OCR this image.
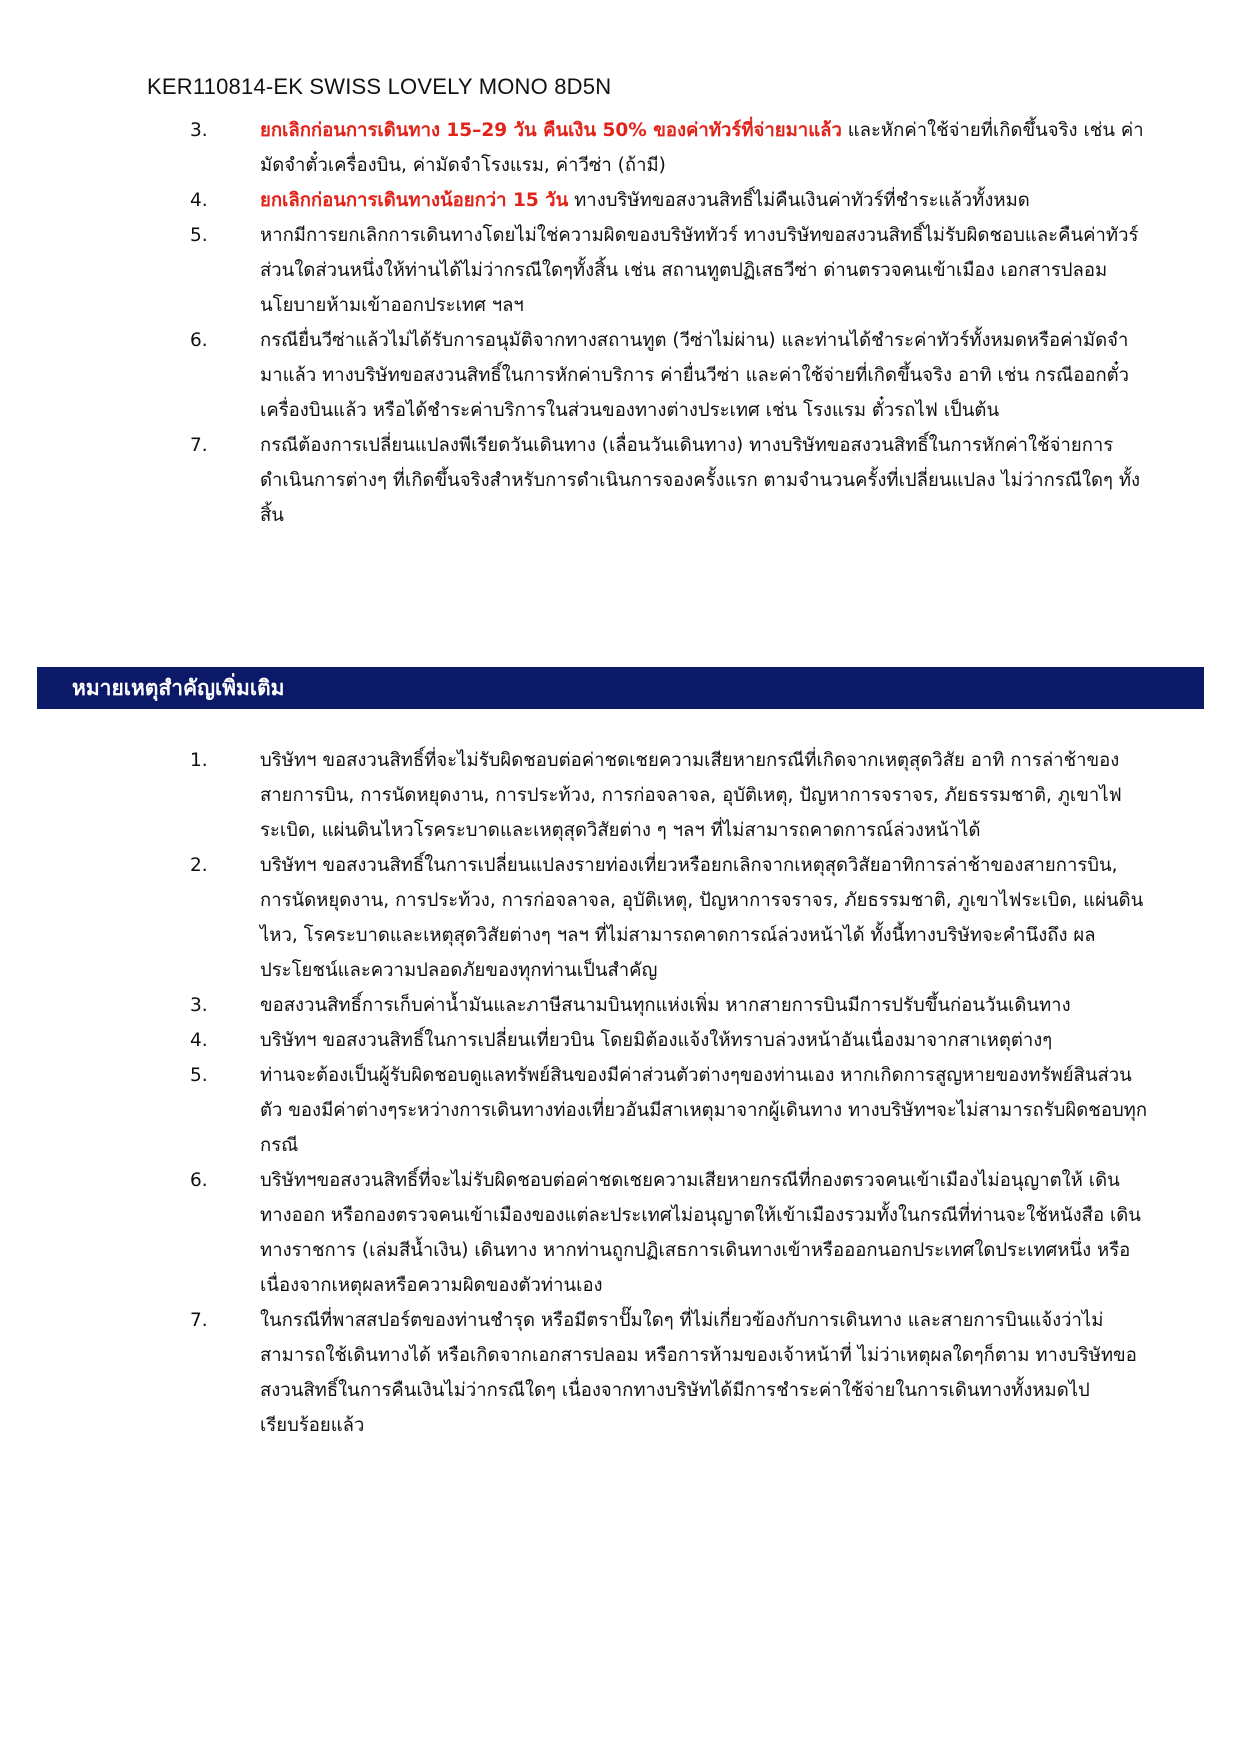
KER110814-EK SWISS LOVELY MONO 8D5N
3.	ยกเลิกก่อนการเดินทาง 15–29 วัน คืนเงิน 50% ของค่าทัวร์ที่จ่ายมาแล้ว และหักค่าใช้จ่ายที่เกิดขึ้นจริง เช่น ค่ามัดจำตั๋วเครื่องบิน, ค่ามัดจำโรงแรม, ค่าวีซ่า (ถ้ามี)
4.	ยกเลิกก่อนการเดินทางน้อยกว่า 15 วัน ทางบริษัทขอสงวนสิทธิ์ไม่คืนเงินค่าทัวร์ที่ชำระแล้วทั้งหมด
5.	หากมีการยกเลิกการเดินทางโดยไม่ใช่ความผิดของบริษัททัวร์ ทางบริษัทขอสงวนสิทธิ์ไม่รับผิดชอบและคืนค่าทัวร์ส่วนใดส่วนหนึ่งให้ท่านได้ไม่ว่ากรณีใดๆทั้งสิ้น เช่น สถานทูตปฏิเสธวีซ่า ด่านตรวจคนเข้าเมือง เอกสารปลอม นโยบายห้ามเข้าออกประเทศ ฯลฯ
6.	กรณียื่นวีซ่าแล้วไม่ได้รับการอนุมัติจากทางสถานทูต (วีซ่าไม่ผ่าน) และท่านได้ชำระค่าทัวร์ทั้งหมดหรือค่ามัดจำมาแล้ว ทางบริษัทขอสงวนสิทธิ์ในการหักค่าบริการ ค่ายื่นวีซ่า และค่าใช้จ่ายที่เกิดขึ้นจริง อาทิ เช่น กรณีออกตั๋วเครื่องบินแล้ว หรือได้ชำระค่าบริการในส่วนของทางต่างประเทศ เช่น โรงแรม ตั๋วรถไฟ เป็นต้น
7.	กรณีต้องการเปลี่ยนแปลงพีเรียดวันเดินทาง (เลื่อนวันเดินทาง) ทางบริษัทขอสงวนสิทธิ์ในการหักค่าใช้จ่ายการดำเนินการต่างๆ ที่เกิดขึ้นจริงสำหรับการดำเนินการจองครั้งแรก ตามจำนวนครั้งที่เปลี่ยนแปลง ไม่ว่ากรณีใดๆ ทั้งสิ้น
หมายเหตุสำคัญเพิ่มเติม
1.	บริษัทฯ ขอสงวนสิทธิ์ที่จะไม่รับผิดชอบต่อค่าชดเชยความเสียหายกรณีที่เกิดจากเหตุสุดวิสัย อาทิ การล่าช้าของสายการบิน, การนัดหยุดงาน, การประท้วง, การก่อจลาจล, อุบัติเหตุ, ปัญหาการจราจร, ภัยธรรมชาติ, ภูเขาไฟระเบิด, แผ่นดินไหวโรคระบาดและเหตุสุดวิสัยต่าง ๆ ฯลฯ ที่ไม่สามารถคาดการณ์ล่วงหน้าได้
2.	บริษัทฯ ขอสงวนสิทธิ์ในการเปลี่ยนแปลงรายท่องเที่ยวหรือยกเลิกจากเหตุสุดวิสัยอาทิการล่าช้าของสายการบิน, การนัดหยุดงาน, การประท้วง, การก่อจลาจล, อุบัติเหตุ, ปัญหาการจราจร, ภัยธรรมชาติ, ภูเขาไฟระเบิด, แผ่นดินไหว, โรคระบาดและเหตุสุดวิสัยต่างๆ ฯลฯ ที่ไม่สามารถคาดการณ์ล่วงหน้าได้ ทั้งนี้ทางบริษัทจะคำนึงถึง ผลประโยชน์และความปลอดภัยของทุกท่านเป็นสำคัญ
3.	ขอสงวนสิทธิ์การเก็บค่าน้ำมันและภาษีสนามบินทุกแห่งเพิ่ม หากสายการบินมีการปรับขึ้นก่อนวันเดินทาง
4.	บริษัทฯ ขอสงวนสิทธิ์ในการเปลี่ยนเที่ยวบิน โดยมิต้องแจ้งให้ทราบล่วงหน้าอันเนื่องมาจากสาเหตุต่างๆ
5.	ท่านจะต้องเป็นผู้รับผิดชอบดูแลทรัพย์สินของมีค่าส่วนตัวต่างๆของท่านเอง หากเกิดการสูญหายของทรัพย์สินส่วนตัว ของมีค่าต่างๆระหว่างการเดินทางท่องเที่ยวอันมีสาเหตุมาจากผู้เดินทาง ทางบริษัทฯจะไม่สามารถรับผิดชอบทุกกรณี
6.	บริษัทฯขอสงวนสิทธิ์ที่จะไม่รับผิดชอบต่อค่าชดเชยความเสียหายกรณีที่กองตรวจคนเข้าเมืองไม่อนุญาตให้ เดินทางออก หรือกองตรวจคนเข้าเมืองของแต่ละประเทศไม่อนุญาตให้เข้าเมืองรวมทั้งในกรณีที่ท่านจะใช้หนังสือ เดินทางราชการ (เล่มสีน้ำเงิน) เดินทาง หากท่านถูกปฏิเสธการเดินทางเข้าหรือออกนอกประเทศใดประเทศหนึ่ง หรือ เนื่องจากเหตุผลหรือความผิดของตัวท่านเอง
7.	ในกรณีที่พาสสปอร์ตของท่านชำรุด หรือมีตราปั๊มใดๆ ที่ไม่เกี่ยวข้องกับการเดินทาง และสายการบินแจ้งว่าไม่สามารถใช้เดินทางได้ หรือเกิดจากเอกสารปลอม หรือการห้ามของเจ้าหน้าที่ ไม่ว่าเหตุผลใดๆก็ตาม ทางบริษัทขอสงวนสิทธิ์ในการคืนเงินไม่ว่ากรณีใดๆ เนื่องจากทางบริษัทได้มีการชำระค่าใช้จ่ายในการเดินทางทั้งหมดไปเรียบร้อยแล้ว
